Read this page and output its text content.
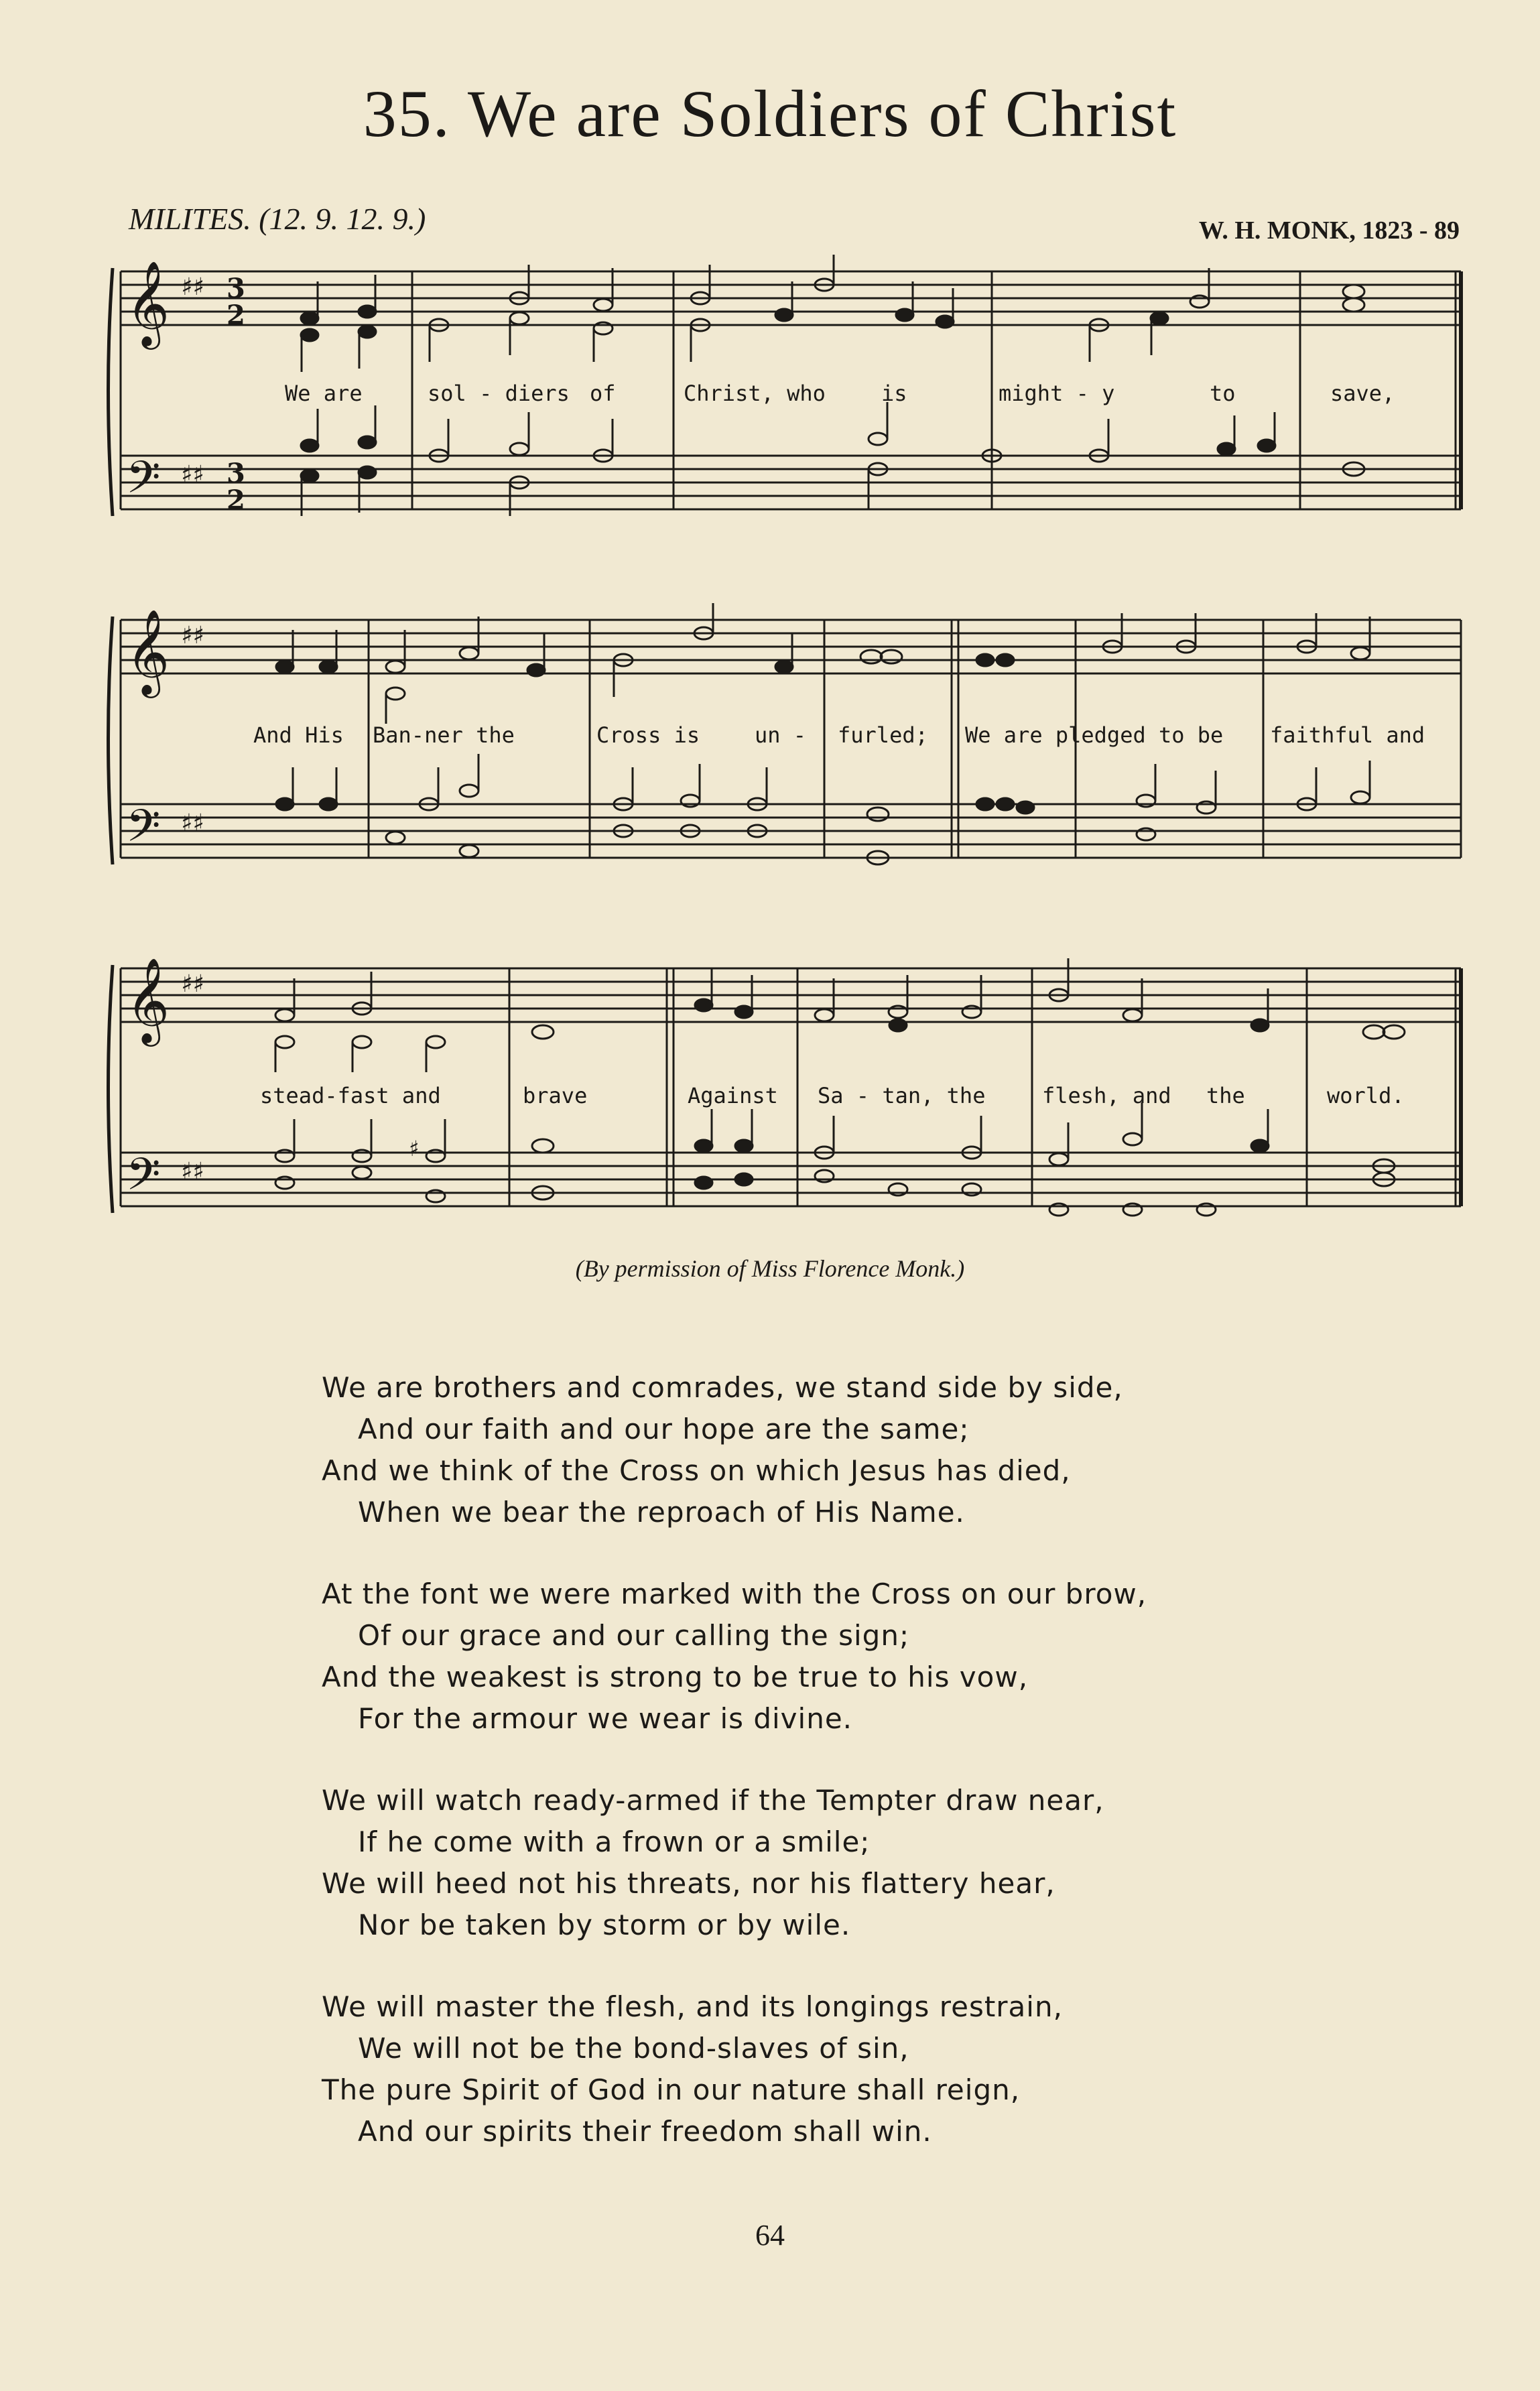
35. We are Soldiers of Christ
MILITES. (12. 9. 12. 9.)	W. H. MONK, 1823 - 89
𝄞
𝄢
♯♯
♯♯
3
2
3
2
We are	sol - diers of	Christ, who	is	might - y	to	save,
𝄞
𝄢
♯♯
♯♯
And His Ban-ner the	Cross is	un - furled; We are pledged to be faithful and
𝄞
𝄢
♯♯
♯♯
♯
stead-fast and	brave	Against Sa - tan, the	flesh, and the	world.
(By permission of Miss Florence Monk.)
We are brothers and comrades, we stand side by side,
And our faith and our hope are the same;
And we think of the Cross on which Jesus has died,
When we bear the reproach of His Name.
At the font we were marked with the Cross on our brow,
Of our grace and our calling the sign;
And the weakest is strong to be true to his vow,
For the armour we wear is divine.
We will watch ready-armed if the Tempter draw near,
If he come with a frown or a smile;
We will heed not his threats, nor his flattery hear,
Nor be taken by storm or by wile.
We will master the flesh, and its longings restrain,
We will not be the bond-slaves of sin,
The pure Spirit of God in our nature shall reign,
And our spirits their freedom shall win.
64
